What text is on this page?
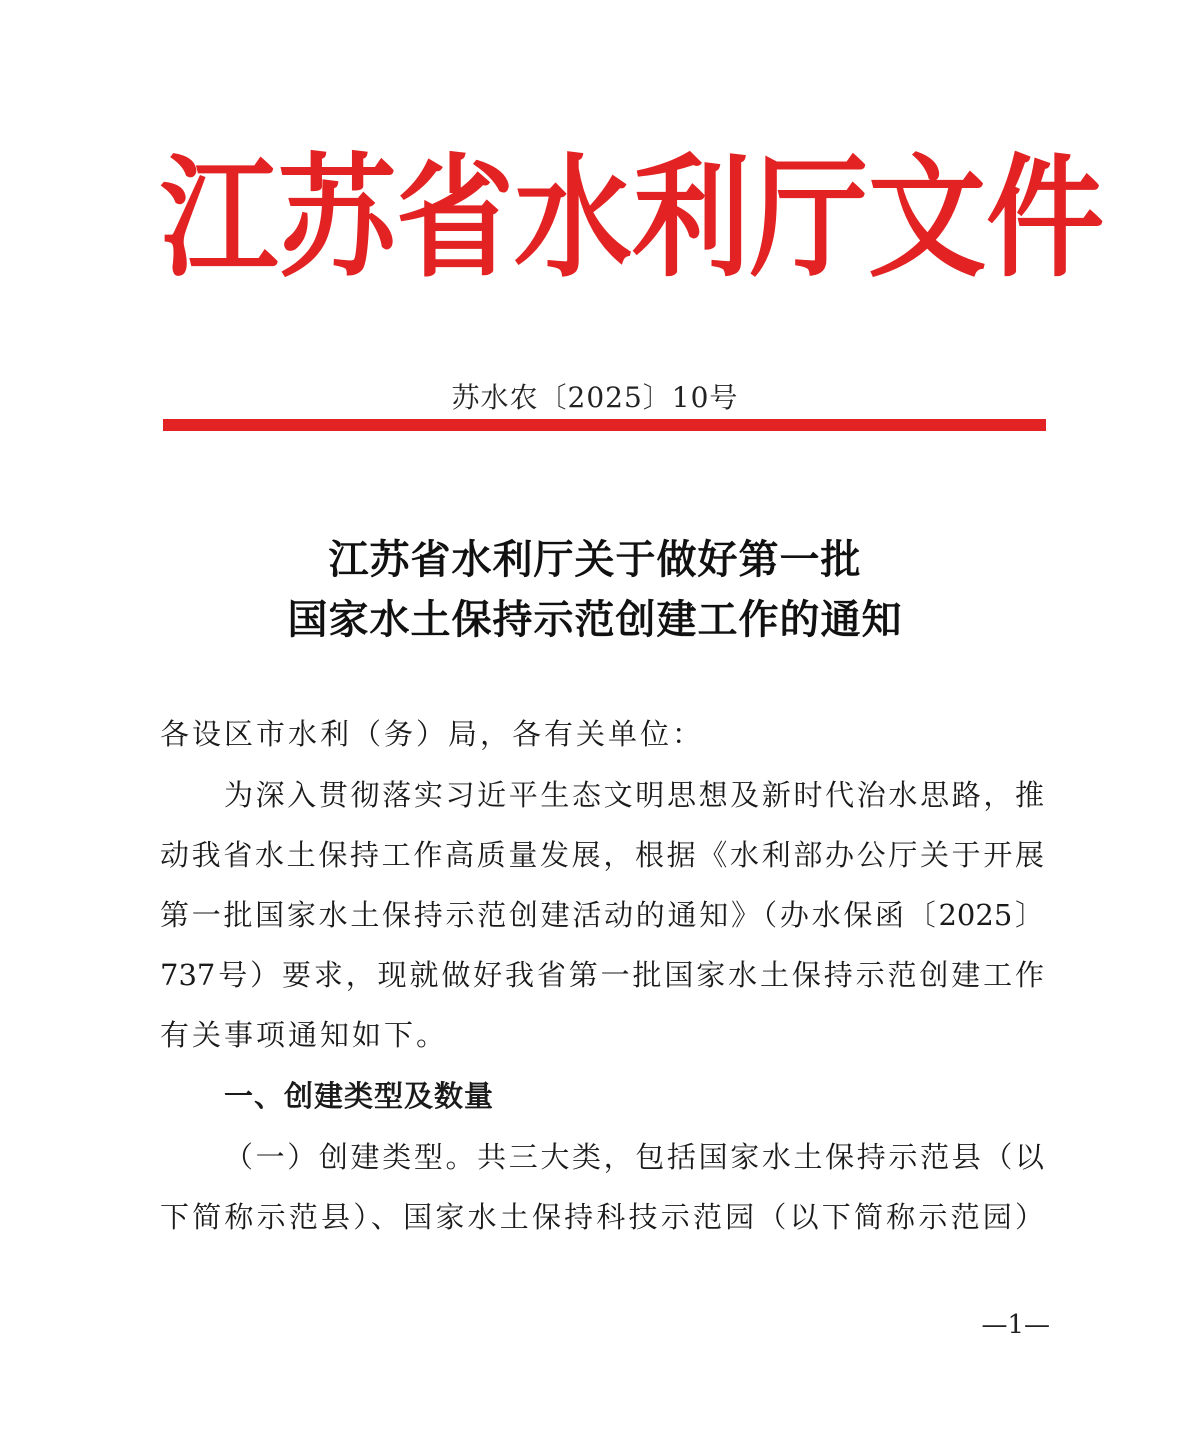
江 苏 省 水 利 厅 文 件
苏水农〔2025〕10号
江苏省水利厅关于做好第一批
国家水土保持示范创建工作的通知
各设区市水利（务）局，各有关单位：
为深入贯彻落实习近平生态文明思想及新时代治水思路，推
动我省水土保持工作高质量发展，根据《水利部办公厅关于开展
第一批国家水土保持示范创建活动的通知》（办水保函〔2025〕
737号）要求，现就做好我省第一批国家水土保持示范创建工作
有关事项通知如下。
一、创建类型及数量
（一）创建类型。共三大类，包括国家水土保持示范县（以
下简称示范县）、国家水土保持科技示范园（以下简称示范园）
—1—
